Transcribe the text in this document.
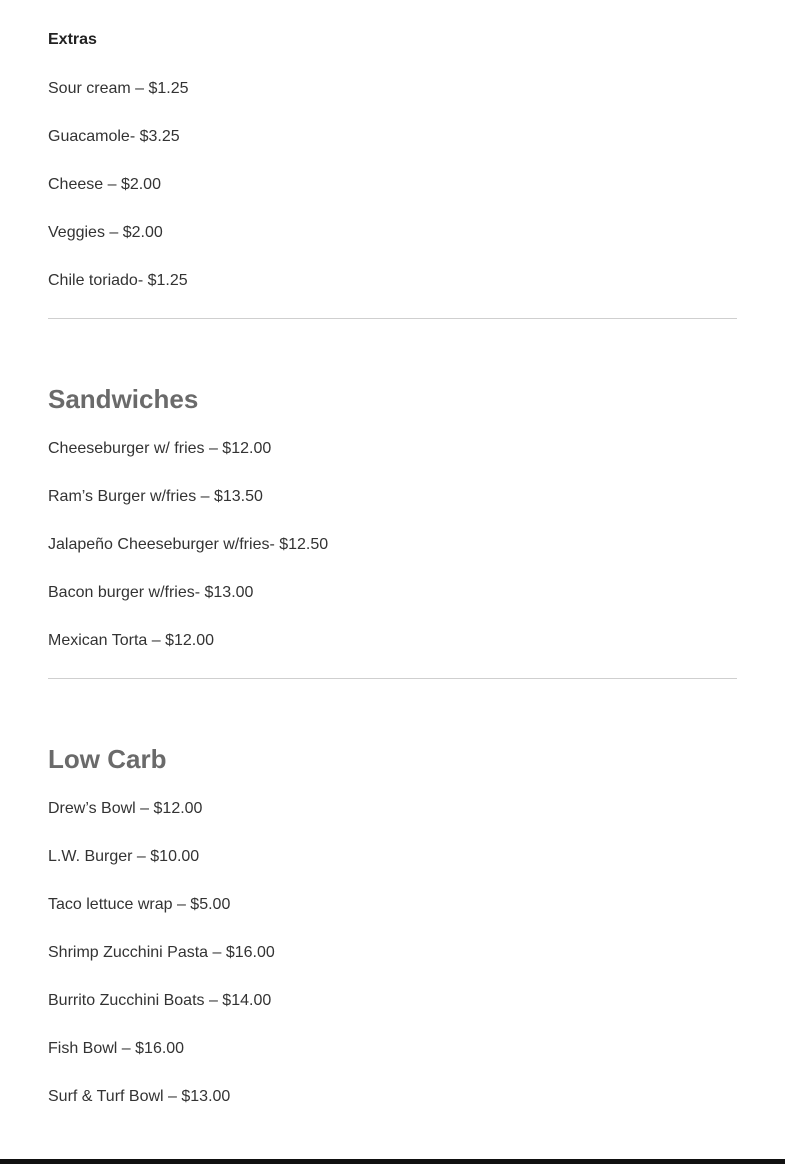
Extras
Sour cream – $1.25
Guacamole- $3.25
Cheese – $2.00
Veggies – $2.00
Chile toriado- $1.25
Sandwiches
Cheeseburger w/ fries – $12.00
Ram’s Burger w/fries – $13.50
Jalapeño Cheeseburger w/fries- $12.50
Bacon burger w/fries- $13.00
Mexican Torta – $12.00
Low Carb
Drew’s Bowl – $12.00
L.W. Burger – $10.00
Taco lettuce wrap – $5.00
Shrimp Zucchini Pasta – $16.00
Burrito Zucchini Boats – $14.00
Fish Bowl – $16.00
Surf & Turf Bowl – $13.00
